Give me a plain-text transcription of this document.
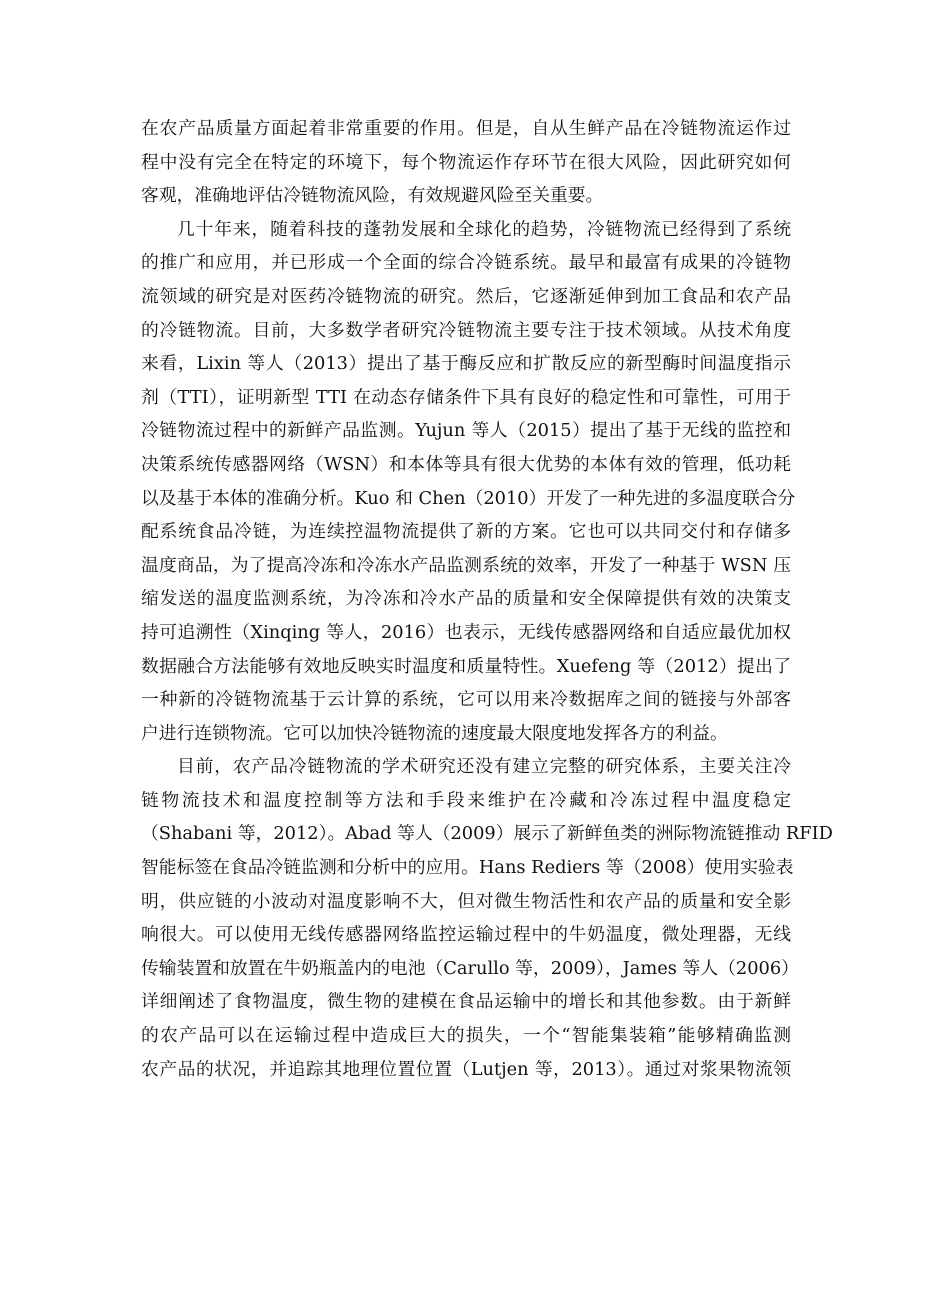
在农产品质量方面起着非常重要的作用。但是，自从生鲜产品在冷链物流运作过
程中没有完全在特定的环境下，每个物流运作存环节在很大风险，因此研究如何
客观，准确地评估冷链物流风险，有效规避风险至关重要。
几十年来，随着科技的蓬勃发展和全球化的趋势，冷链物流已经得到了系统
的推广和应用，并已形成一个全面的综合冷链系统。最早和最富有成果的冷链物
流领域的研究是对医药冷链物流的研究。然后，它逐渐延伸到加工食品和农产品
的冷链物流。目前，大多数学者研究冷链物流主要专注于技术领域。从技术角度
来看，Lixin 等人（2013）提出了基于酶反应和扩散反应的新型酶时间温度指示
剂（TTI），证明新型 TTI 在动态存储条件下具有良好的稳定性和可靠性，可用于
冷链物流过程中的新鲜产品监测。Yujun 等人（2015）提出了基于无线的监控和
决策系统传感器网络（WSN）和本体等具有很大优势的本体有效的管理，低功耗
以及基于本体的准确分析。Kuo 和 Chen（2010）开发了一种先进的多温度联合分
配系统食品冷链，为连续控温物流提供了新的方案。它也可以共同交付和存储多
温度商品，为了提高冷冻和冷冻水产品监测系统的效率，开发了一种基于 WSN 压
缩发送的温度监测系统，为冷冻和冷水产品的质量和安全保障提供有效的决策支
持可追溯性（Xinqing 等人，2016）也表示，无线传感器网络和自适应最优加权
数据融合方法能够有效地反映实时温度和质量特性。Xuefeng 等（2012）提出了
一种新的冷链物流基于云计算的系统，它可以用来冷数据库之间的链接与外部客
户进行连锁物流。它可以加快冷链物流的速度最大限度地发挥各方的利益。
目前，农产品冷链物流的学术研究还没有建立完整的研究体系，主要关注冷
链物流技术和温度控制等方法和手段来维护在冷藏和冷冻过程中温度稳定
（Shabani 等，2012）。Abad 等人（2009）展示了新鲜鱼类的洲际物流链推动 RFID
智能标签在食品冷链监测和分析中的应用。Hans Rediers 等（2008）使用实验表
明，供应链的小波动对温度影响不大，但对微生物活性和农产品的质量和安全影
响很大。可以使用无线传感器网络监控运输过程中的牛奶温度，微处理器，无线
传输装置和放置在牛奶瓶盖内的电池（Carullo 等，2009），James 等人（2006）
详细阐述了食物温度，微生物的建模在食品运输中的增长和其他参数。由于新鲜
的农产品可以在运输过程中造成巨大的损失，一个“智能集装箱”能够精确监测
农产品的状况，并追踪其地理位置位置（Lutjen 等，2013）。通过对浆果物流领
